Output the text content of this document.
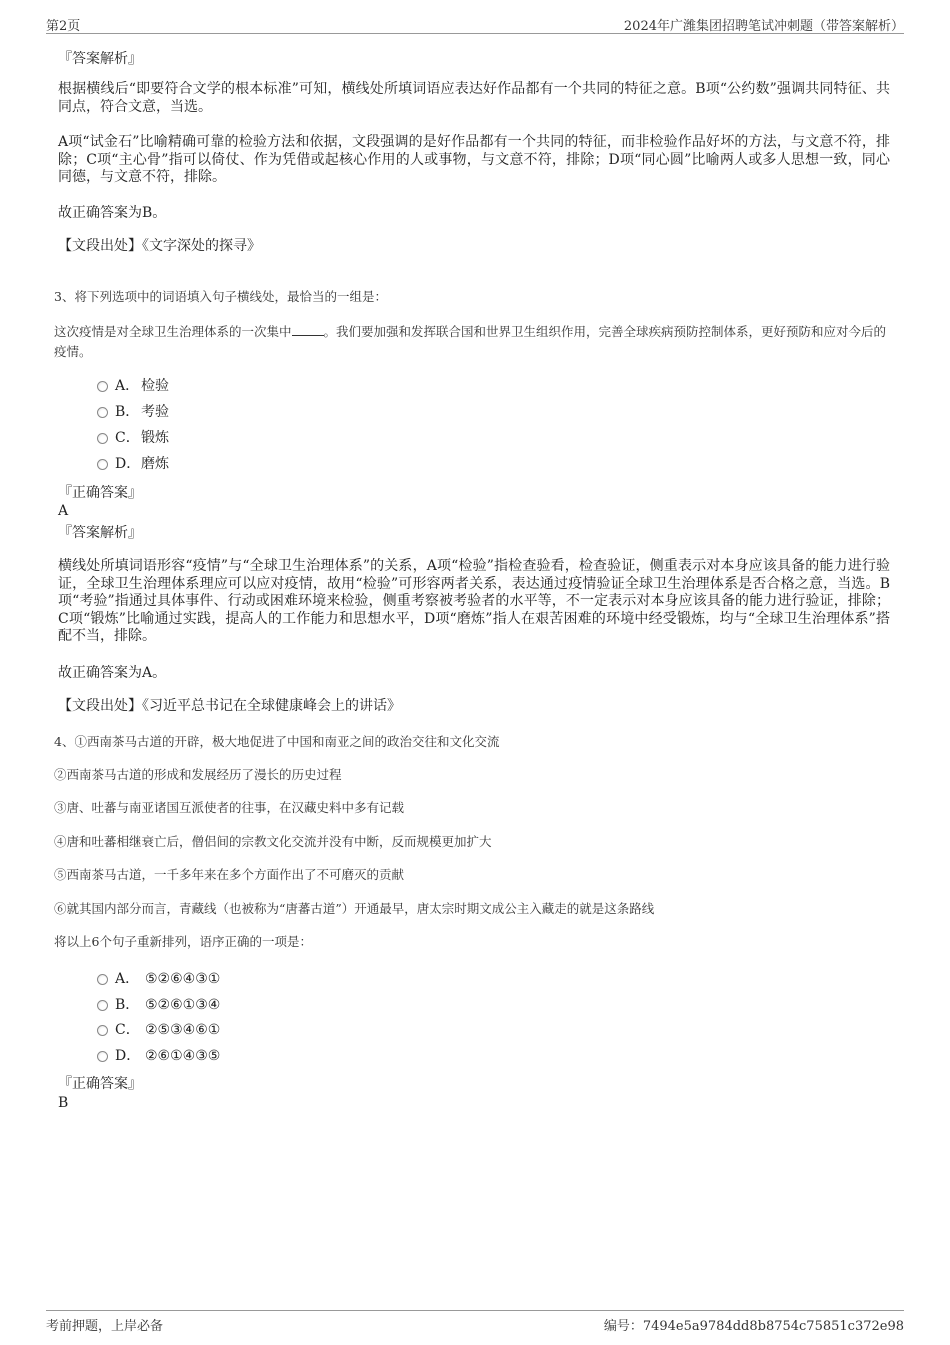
第2页	2024年广潍集团招聘笔试冲刺题（带答案解析）
『答案解析』
根据横线后“即要符合文学的根本标准”可知，横线处所填词语应表达好作品都有一个共同的特征之意。B项“公约数”强调共同特征、共同点，符合文意，当选。
A项“试金石”比喻精确可靠的检验方法和依据，文段强调的是好作品都有一个共同的特征，而非检验作品好坏的方法，与文意不符，排除；C项“主心骨”指可以倚仗、作为凭借或起核心作用的人或事物，与文意不符，排除；D项“同心圆”比喻两人或多人思想一致，同心同德，与文意不符，排除。
故正确答案为B。
【文段出处】《文字深处的探寻》
3、将下列选项中的词语填入句子横线处，最恰当的一组是：
这次疫情是对全球卫生治理体系的一次集中	。我们要加强和发挥联合国和世界卫生组织作用，完善全球疾病预防控制体系，更好预防和应对今后的疫情。
A． 检验
B． 考验
C． 锻炼
D． 磨炼
『正确答案』
A
『答案解析』
横线处所填词语形容“疫情”与“全球卫生治理体系”的关系，A项“检验”指检查验看，检查验证，侧重表示对本身应该具备的能力进行验证，全球卫生治理体系理应可以应对疫情，故用“检验”可形容两者关系，表达通过疫情验证全球卫生治理体系是否合格之意，当选。B项“考验”指通过具体事件、行动或困难环境来检验，侧重考察被考验者的水平等，不一定表示对本身应该具备的能力进行验证，排除；C项“锻炼”比喻通过实践，提高人的工作能力和思想水平，D项“磨炼”指人在艰苦困难的环境中经受锻炼，均与“全球卫生治理体系”搭配不当，排除。
故正确答案为A。
【文段出处】《习近平总书记在全球健康峰会上的讲话》
4、①西南茶马古道的开辟，极大地促进了中国和南亚之间的政治交往和文化交流
②西南茶马古道的形成和发展经历了漫长的历史过程
③唐、吐蕃与南亚诸国互派使者的往事，在汉藏史料中多有记载
④唐和吐蕃相继衰亡后，僧侣间的宗教文化交流并没有中断，反而规模更加扩大
⑤西南茶马古道，一千多年来在多个方面作出了不可磨灭的贡献
⑥就其国内部分而言，青藏线（也被称为“唐蕃古道”）开通最早，唐太宗时期文成公主入藏走的就是这条路线
将以上6个句子重新排列，语序正确的一项是：
A． ⑤②⑥④③①
B． ⑤②⑥①③④
C． ②⑤③④⑥①
D． ②⑥①④③⑤
『正确答案』
B
考前押题，上岸必备	编号：7494e5a9784dd8b8754c75851c372e98
